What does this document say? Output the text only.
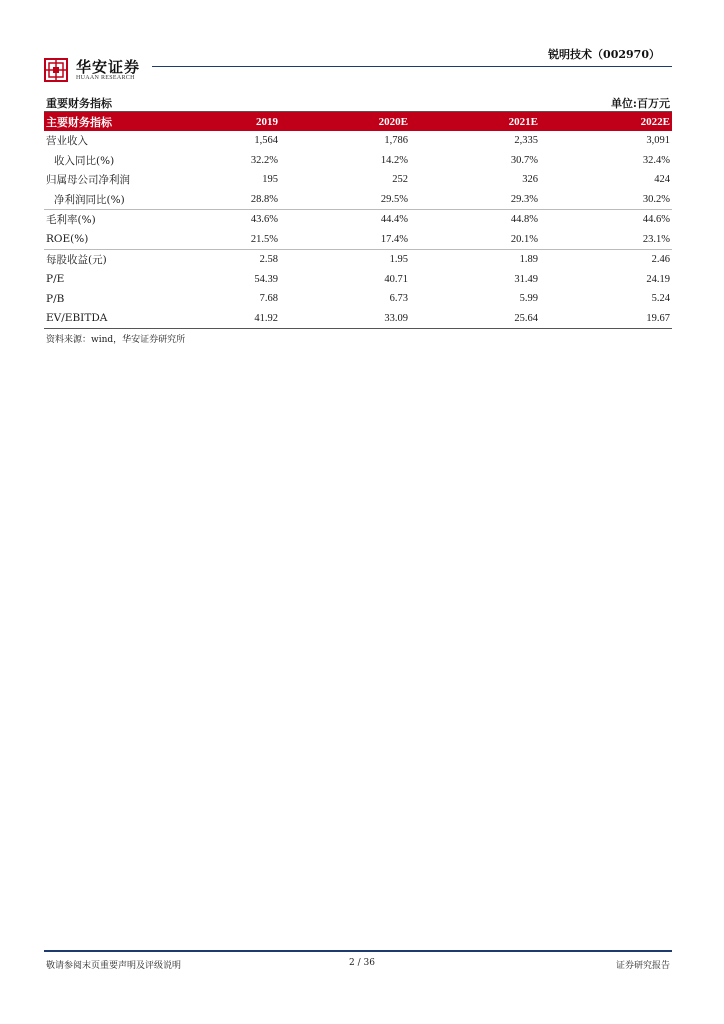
华安证券
HUAAN RESEARCH
锐明技术（002970）
重要财务指标	单位:百万元
主要财务指标	2019	2020E	2021E	2022E
营业收入	1,564	1,786	2,335	3,091
收入同比(%)	32.2%	14.2%	30.7%	32.4%
归属母公司净利润	195	252	326	424
净利润同比(%)	28.8%	29.5%	29.3%	30.2%
毛利率(%)	43.6%	44.4%	44.8%	44.6%
ROE(%)	21.5%	17.4%	20.1%	23.1%
每股收益(元)	2.58	1.95	1.89	2.46
P/E	54.39	40.71	31.49	24.19
P/B	7.68	6.73	5.99	5.24
EV/EBITDA	41.92	33.09	25.64	19.67
资料来源：wind，华安证券研究所
2 / 36
敬请参阅末页重要声明及评级说明	证券研究报告
